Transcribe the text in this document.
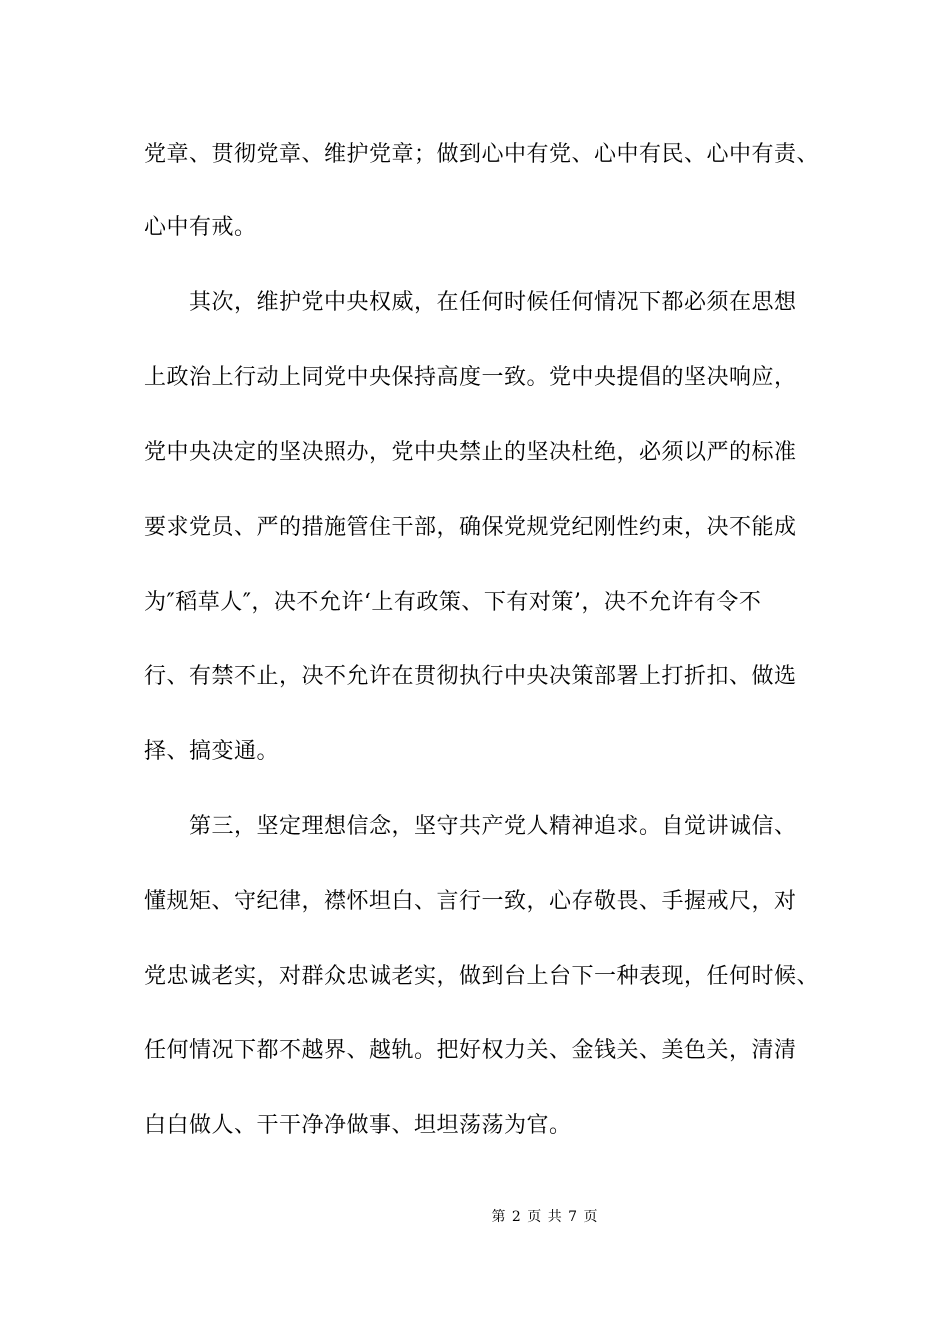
党章、贯彻党章、维护党章；做到心中有党、心中有民、心中有责、
心中有戒。
　　其次，维护党中央权威，在任何时候任何情况下都必须在思想
上政治上行动上同党中央保持高度一致。党中央提倡的坚决响应，
党中央决定的坚决照办，党中央禁止的坚决杜绝，必须以严的标准
要求党员、严的措施管住干部，确保党规党纪刚性约束，决不能成
为″稻草人″，决不允许‘上有政策、下有对策’，决不允许有令不
行、有禁不止，决不允许在贯彻执行中央决策部署上打折扣、做选
择、搞变通。
　　第三，坚定理想信念，坚守共产党人精神追求。自觉讲诚信、
懂规矩、守纪律，襟怀坦白、言行一致，心存敬畏、手握戒尺，对
党忠诚老实，对群众忠诚老实，做到台上台下一种表现，任何时候、
任何情况下都不越界、越轨。把好权力关、金钱关、美色关，清清
白白做人、干干净净做事、坦坦荡荡为官。
第 2 页 共 7 页
